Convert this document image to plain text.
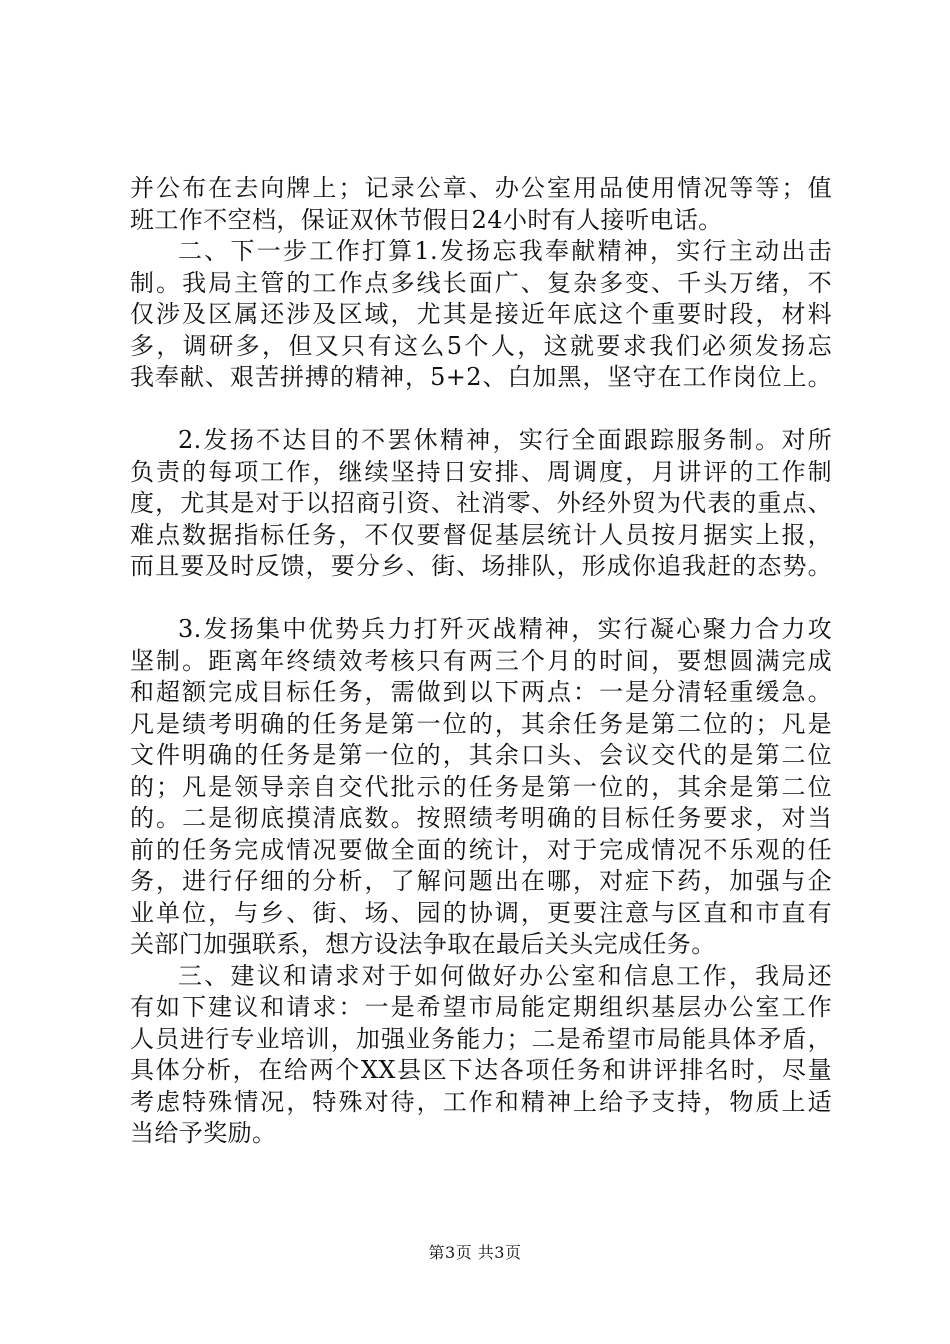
并公布在去向牌上；记录公章、办公室用品使用情况等等；值
班工作不空档，保证双休节假日24小时有人接听电话。
二、下一步工作打算1.发扬忘我奉献精神，实行主动出击
制。我局主管的工作点多线长面广、复杂多变、千头万绪，不
仅涉及区属还涉及区域，尤其是接近年底这个重要时段，材料
多，调研多，但又只有这么5个人，这就要求我们必须发扬忘
我奉献、艰苦拼搏的精神，5+2、白加黑，坚守在工作岗位上。
2.发扬不达目的不罢休精神，实行全面跟踪服务制。对所
负责的每项工作，继续坚持日安排、周调度，月讲评的工作制
度，尤其是对于以招商引资、社消零、外经外贸为代表的重点、
难点数据指标任务，不仅要督促基层统计人员按月据实上报，
而且要及时反馈，要分乡、街、场排队，形成你追我赶的态势。
3.发扬集中优势兵力打歼灭战精神，实行凝心聚力合力攻
坚制。距离年终绩效考核只有两三个月的时间，要想圆满完成
和超额完成目标任务，需做到以下两点：一是分清轻重缓急。
凡是绩考明确的任务是第一位的，其余任务是第二位的；凡是
文件明确的任务是第一位的，其余口头、会议交代的是第二位
的；凡是领导亲自交代批示的任务是第一位的，其余是第二位
的。二是彻底摸清底数。按照绩考明确的目标任务要求，对当
前的任务完成情况要做全面的统计，对于完成情况不乐观的任
务，进行仔细的分析，了解问题出在哪，对症下药，加强与企
业单位，与乡、街、场、园的协调，更要注意与区直和市直有
关部门加强联系，想方设法争取在最后关头完成任务。
三、建议和请求对于如何做好办公室和信息工作，我局还
有如下建议和请求：一是希望市局能定期组织基层办公室工作
人员进行专业培训，加强业务能力；二是希望市局能具体矛盾，
具体分析，在给两个XX县区下达各项任务和讲评排名时，尽量
考虑特殊情况，特殊对待，工作和精神上给予支持，物质上适
当给予奖励。
第3页 共3页
